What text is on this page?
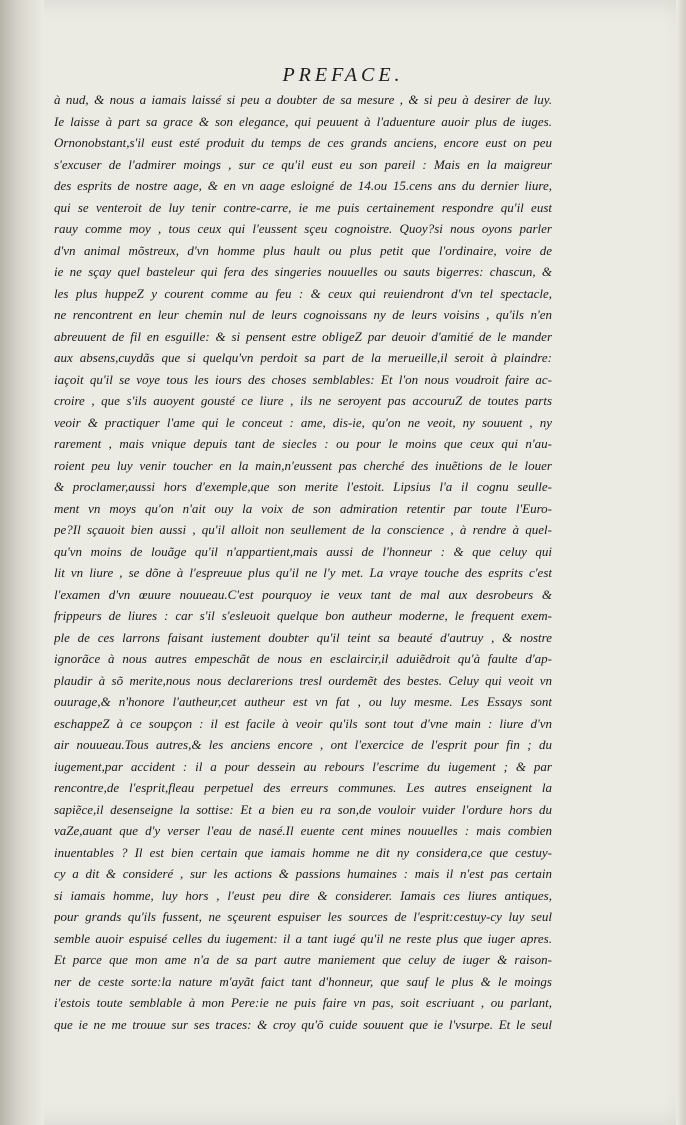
PREFACE.
à nud, & nous a iamais laissé si peu a doubter de sa mesure , & si peu à desirer de luy.
Ie laisse à part sa grace & son elegance, qui peuuent à l'aduenture auoir plus de iuges.
Ornonobstant,s'il eust esté produit du temps de ces grands anciens, encore eust on peu
s'excuser de l'admirer moings , sur ce qu'il eust eu son pareil : Mais en la maigreur
des esprits de nostre aage, & en vn aage esloigné de 14.ou 15.cens ans du dernier liure,
qui se venteroit de luy tenir contre-carre, ie me puis certainement respondre qu'il eust
rauy comme moy , tous ceux qui l'eussent sçeu cognoistre. Quoy?si nous oyons parler
d'vn animal mõstreux, d'vn homme plus hault ou plus petit que l'ordinaire, voire de
ie ne sçay quel basteleur qui fera des singeries nouuelles ou sauts bigerres: chascun, &
les plus huppeZ y courent comme au feu : & ceux qui reuiendront d'vn tel spectacle,
ne rencontrent en leur chemin nul de leurs cognoissans ny de leurs voisins , qu'ils n'en
abreuuent de fil en esguille: & si pensent estre obligeZ par deuoir d'amitié de le mander
aux absens,cuydãs que si quelqu'vn perdoit sa part de la merueille,il seroit à plaindre:
iaçoit qu'il se voye tous les iours des choses semblables: Et l'on nous voudroit faire ac-
croire , que s'ils auoyent gousté ce liure , ils ne seroyent pas accouruZ de toutes parts
veoir & practiquer l'ame qui le conceut : ame, dis-ie, qu'on ne veoit, ny souuent , ny
rarement , mais vnique depuis tant de siecles : ou pour le moins que ceux qui n'au-
roient peu luy venir toucher en la main,n'eussent pas cherché des inuẽtions de le louer
& proclamer,aussi hors d'exemple,que son merite l'estoit. Lipsius l'a il cognu seulle-
ment vn moys qu'on n'ait ouy la voix de son admiration retentir par toute l'Euro-
pe?Il sçauoit bien aussi , qu'il alloit non seullement de la conscience , à rendre à quel-
qu'vn moins de louãge qu'il n'appartient,mais aussi de l'honneur : & que celuy qui
lit vn liure , se dõne à l'espreuue plus qu'il ne l'y met. La vraye touche des esprits c'est
l'examen d'vn œuure nouueau.C'est pourquoy ie veux tant de mal aux desrobeurs &
frippeurs de liures : car s'il s'esleuoit quelque bon autheur moderne, le frequent exem-
ple de ces larrons faisant iustement doubter qu'il teint sa beauté d'autruy , & nostre
ignorãce à nous autres empeschãt de nous en esclaircir,il aduiẽdroit qu'à faulte d'ap-
plaudir à sõ merite,nous nous declarerions tresl ourdemẽt des bestes. Celuy qui veoit vn
ouurage,& n'honore l'autheur,cet autheur est vn fat , ou luy mesme. Les Essays sont
eschappeZ à ce soupçon : il est facile à veoir qu'ils sont tout d'vne main : liure d'vn
air nouueau.Tous autres,& les anciens encore , ont l'exercice de l'esprit pour fin ; du
iugement,par accident : il a pour dessein au rebours l'escrime du iugement ; & par
rencontre,de l'esprit,fleau perpetuel des erreurs communes. Les autres enseignent la
sapiẽce,il desenseigne la sottise: Et a bien eu ra son,de vouloir vuider l'ordure hors du
vaZe,auant que d'y verser l'eau de nasé.Il euente cent mines nouuelles : mais combien
inuentables ? Il est bien certain que iamais homme ne dit ny considera,ce que cestuy-
cy a dit & consideré , sur les actions & passions humaines : mais il n'est pas certain
si iamais homme, luy hors , l'eust peu dire & considerer. Iamais ces liures antiques,
pour grands qu'ils fussent, ne sçeurent espuiser les sources de l'esprit:cestuy-cy luy seul
semble auoir espuisé celles du iugement: il a tant iugé qu'il ne reste plus que iuger apres.
Et parce que mon ame n'a de sa part autre maniement que celuy de iuger & raison-
ner de ceste sorte:la nature m'ayãt faict tant d'honneur, que sauf le plus & le moings
i'estois toute semblable à mon Pere:ie ne puis faire vn pas, soit escriuant , ou parlant,
que ie ne me trouue sur ses traces: & croy qu'õ cuide souuent que ie l'vsurpe. Et le seul
